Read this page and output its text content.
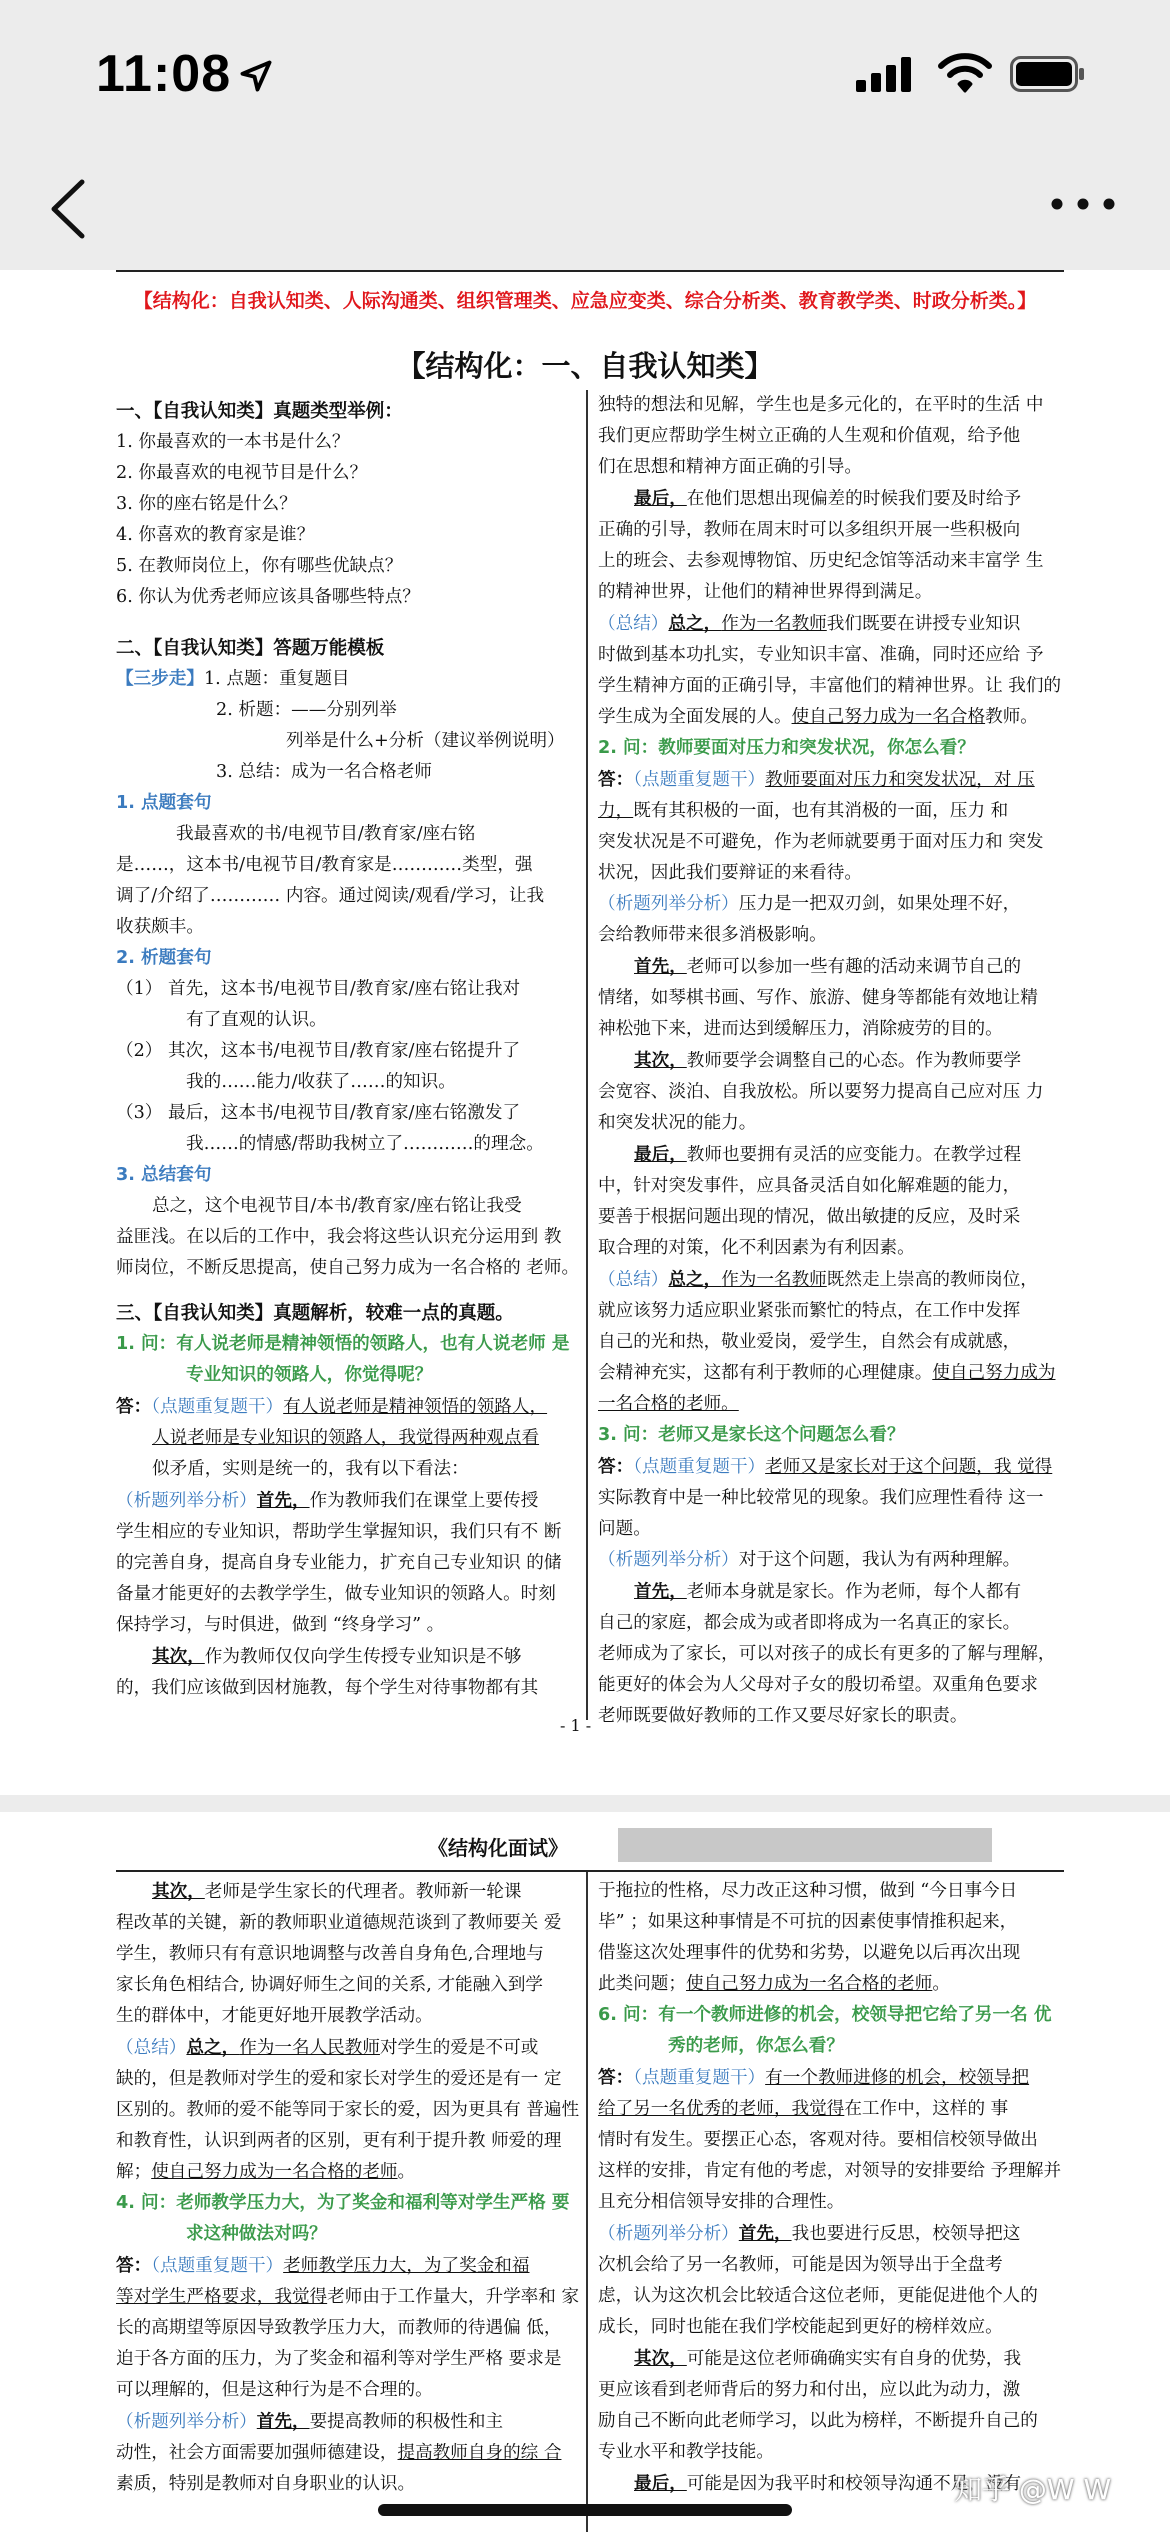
11:08
【结构化：自我认知类、人际沟通类、组织管理类、应急应变类、综合分析类、教育教学类、时政分析类。】
【结构化：一、自我认知类】

一、【自我认知类】真题类型举例：

1. 你最喜欢的一本书是什么？

2. 你最喜欢的电视节目是什么？

3. 你的座右铭是什么？

4. 你喜欢的教育家是谁？

5. 在教师岗位上，你有哪些优缺点？

6. 你认为优秀老师应该具备哪些特点？

二、【自我认知类】答题万能模板

【三步走】1. 点题：重复题目

2. 析题：——分别列举

列举是什么+分析（建议举例说明）

3. 总结：成为一名合格老师

1. 点题套句

我最喜欢的书/电视节目/教育家/座右铭

是……，这本书/电视节目/教育家是…………类型，强

调了/介绍了………… 内容。通过阅读/观看/学习，让我

收获颇丰。

2. 析题套句

（1） 首先，这本书/电视节目/教育家/座右铭让我对

有了直观的认识。

（2） 其次，这本书/电视节目/教育家/座右铭提升了

我的……能力/收获了……的知识。

（3） 最后，这本书/电视节目/教育家/座右铭激发了

我……的情感/帮助我树立了…………的理念。

3. 总结套句

总之，这个电视节目/本书/教育家/座右铭让我受

益匪浅。在以后的工作中，我会将这些认识充分运用到 教

师岗位，不断反思提高，使自己努力成为一名合格的 老师。

三、【自我认知类】真题解析，较难一点的真题。

1. 问：有人说老师是精神领悟的领路人，也有人说老师 是

专业知识的领路人，你觉得呢？

答：（点题重复题干）有人说老师是精神领悟的领路人，

人说老师是专业知识的领路人，我觉得两种观点看

似矛盾，实则是统一的，我有以下看法：

（析题列举分析）首先，作为教师我们在课堂上要传授

学生相应的专业知识，帮助学生掌握知识，我们只有不 断

的完善自身，提高自身专业能力，扩充自己专业知识 的储

备量才能更好的去教学学生，做专业知识的领路人。时刻

保持学习，与时俱进，做到 “终身学习” 。

其次，作为教师仅仅向学生传授专业知识是不够

的，我们应该做到因材施教，每个学生对待事物都有其

独特的想法和见解，学生也是多元化的，在平时的生活 中

我们更应帮助学生树立正确的人生观和价值观，给予他

们在思想和精神方面正确的引导。

最后，在他们思想出现偏差的时候我们要及时给予

正确的引导，教师在周末时可以多组织开展一些积极向

上的班会、去参观博物馆、历史纪念馆等活动来丰富学 生

的精神世界，让他们的精神世界得到满足。

（总结）总之，作为一名教师我们既要在讲授专业知识

时做到基本功扎实，专业知识丰富、准确，同时还应给 予

学生精神方面的正确引导，丰富他们的精神世界。让 我们的

学生成为全面发展的人。使自己努力成为一名合格教师。

2. 问：教师要面对压力和突发状况，你怎么看？

答：（点题重复题干）教师要面对压力和突发状况，对 压

力，既有其积极的一面，也有其消极的一面，压力 和

突发状况是不可避免，作为老师就要勇于面对压力和 突发

状况，因此我们要辩证的来看待。

（析题列举分析）压力是一把双刃剑，如果处理不好，

会给教师带来很多消极影响。

首先，老师可以参加一些有趣的活动来调节自己的

情绪，如琴棋书画、写作、旅游、健身等都能有效地让精

神松弛下来，进而达到缓解压力，消除疲劳的目的。

其次，教师要学会调整自己的心态。作为教师要学

会宽容、淡泊、自我放松。所以要努力提高自己应对压 力

和突发状况的能力。

最后，教师也要拥有灵活的应变能力。在教学过程

中，针对突发事件，应具备灵活自如化解难题的能力，

要善于根据问题出现的情况，做出敏捷的反应，及时采

取合理的对策，化不利因素为有利因素。

（总结）总之，作为一名教师既然走上崇高的教师岗位，

就应该努力适应职业紧张而繁忙的特点，在工作中发挥

自己的光和热，敬业爱岗，爱学生，自然会有成就感，

会精神充实，这都有利于教师的心理健康。使自己努力成为

一名合格的老师。

3. 问：老师又是家长这个问题怎么看？

答：（点题重复题干）老师又是家长对于这个问题，我 觉得

实际教育中是一种比较常见的现象。我们应理性看待 这一

问题。

（析题列举分析）对于这个问题，我认为有两种理解。

首先，老师本身就是家长。作为老师，每个人都有

自己的家庭，都会成为或者即将成为一名真正的家长。

老师成为了家长，可以对孩子的成长有更多的了解与理解，

能更好的体会为人父母对子女的殷切希望。双重角色要求

老师既要做好教师的工作又要尽好家长的职责。

- 1 -
《结构化面试》

其次，老师是学生家长的代理者。教师新一轮课

程改革的关键，新的教师职业道德规范谈到了教师要关 爱

学生，教师只有有意识地调整与改善自身角色,合理地与

家长角色相结合, 协调好师生之间的关系, 才能融入到学

生的群体中，才能更好地开展教学活动。

（总结）总之，作为一名人民教师对学生的爱是不可或

缺的，但是教师对学生的爱和家长对学生的爱还是有一 定

区别的。教师的爱不能等同于家长的爱，因为更具有 普遍性

和教育性，认识到两者的区别，更有利于提升教 师爱的理

解；使自己努力成为一名合格的老师。

4. 问：老师教学压力大，为了奖金和福利等对学生严格 要

求这种做法对吗？

答：（点题重复题干）老师教学压力大，为了奖金和福

等对学生严格要求，我觉得老师由于工作量大，升学率和 家

长的高期望等原因导致教学压力大，而教师的待遇偏 低，

迫于各方面的压力，为了奖金和福利等对学生严格 要求是

可以理解的，但是这种行为是不合理的。

（析题列举分析）首先，要提高教师的积极性和主

动性，社会方面需要加强师德建设，提高教师自身的综 合

素质，特别是教师对自身职业的认识。

于拖拉的性格，尽力改正这种习惯，做到 “今日事今日

毕” ；如果这种事情是不可抗的因素使事情推积起来，

借鉴这次处理事件的优势和劣势，以避免以后再次出现

此类问题；使自己努力成为一名合格的老师。

6. 问：有一个教师进修的机会，校领导把它给了另一名 优

秀的老师，你怎么看？

答：（点题重复题干）有一个教师进修的机会，校领导把

给了另一名优秀的老师，我觉得在工作中，这样的 事

情时有发生。要摆正心态，客观对待。要相信校领导做出

这样的安排，肯定有他的考虑，对领导的安排要给 予理解并

且充分相信领导安排的合理性。

（析题列举分析）首先，我也要进行反思，校领导把这

次机会给了另一名教师，可能是因为领导出于全盘考

虑，认为这次机会比较适合这位老师，更能促进他个人的

成长，同时也能在我们学校能起到更好的榜样效应。

其次，可能是这位老师确确实实有自身的优势，我

更应该看到老师背后的努力和付出，应以此为动力，激

励自己不断向此老师学习，以此为榜样，不断提升自己的

专业水平和教学技能。

最后，可能是因为我平时和校领导沟通不足，没有

知乎 @W W
